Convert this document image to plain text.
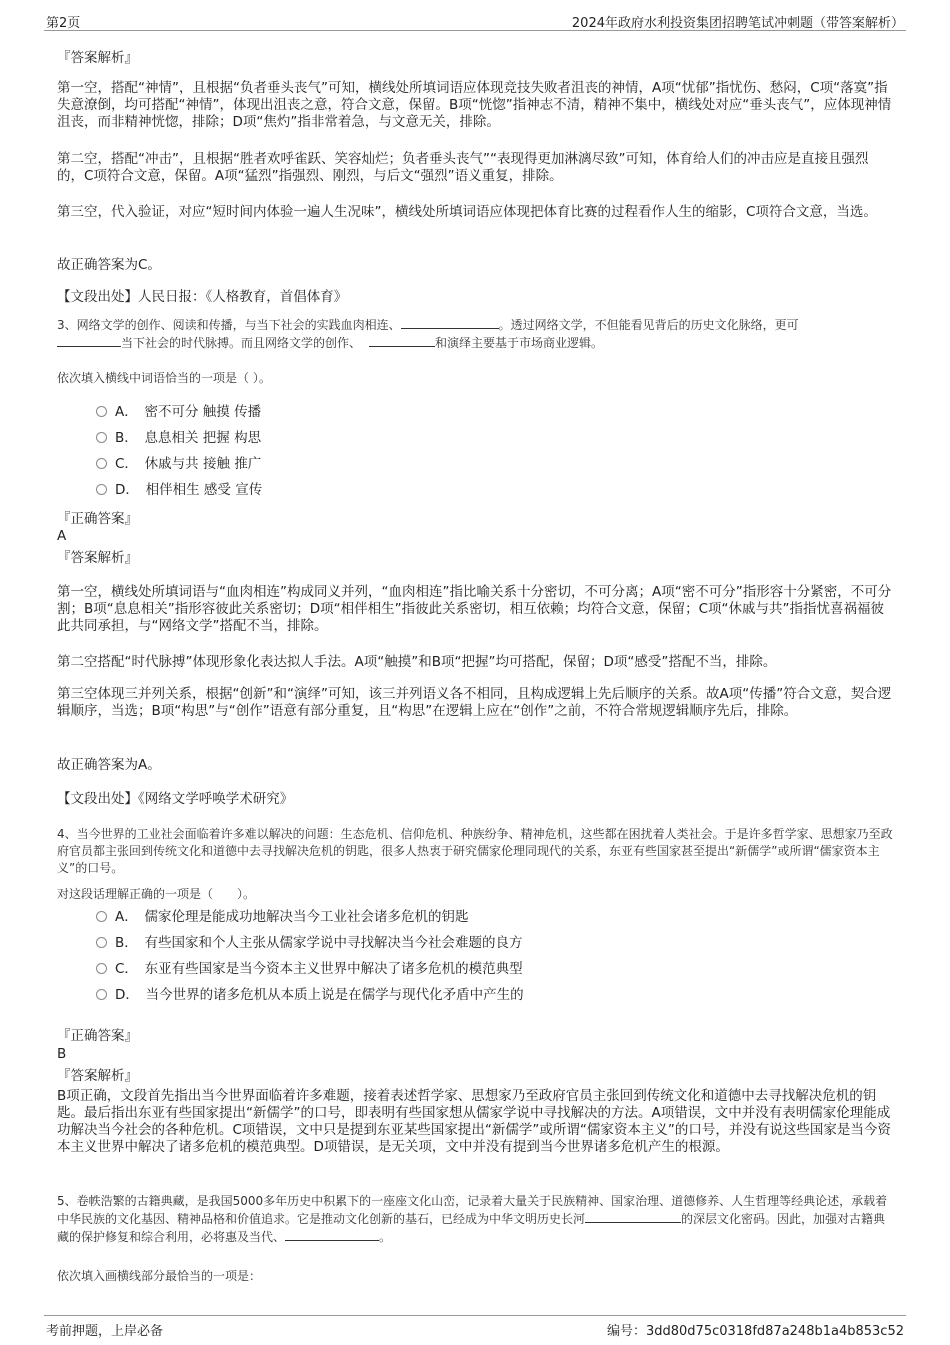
第2页	2024年政府水利投资集团招聘笔试冲刺题（带答案解析）
『答案解析』
第一空，搭配“神情”，且根据“负者垂头丧气”可知，横线处所填词语应体现竞技失败者沮丧的神情，A项“忧郁”指忧伤、愁闷，C项“落寞”指失意潦倒，均可搭配“神情”，体现出沮丧之意，符合文意，保留。B项“恍惚”指神志不清，精神不集中，横线处对应“垂头丧气”，应体现神情沮丧，而非精神恍惚，排除；D项“焦灼”指非常着急，与文意无关，排除。
第二空，搭配“冲击”，且根据“胜者欢呼雀跃、笑容灿烂；负者垂头丧气”“表现得更加淋漓尽致”可知，体育给人们的冲击应是直接且强烈的，C项符合文意，保留。A项“猛烈”指强烈、刚烈，与后文“强烈”语义重复，排除。
第三空，代入验证，对应“短时间内体验一遍人生况味”，横线处所填词语应体现把体育比赛的过程看作人生的缩影，C项符合文意，当选。
故正确答案为C。
【文段出处】人民日报：《人格教育，首倡体育》
3、网络文学的创作、阅读和传播，与当下社会的实践血肉相连、	。透过网络文学，不但能看见背后的历史文化脉络，更可
当下社会的时代脉搏。而且网络文学的创作、	和演绎主要基于市场商业逻辑。
依次填入横线中词语恰当的一项是（ ）。
A．　密不可分 触摸 传播
B．　息息相关 把握 构思
C．　休戚与共 接触 推广
D．　相伴相生 感受 宣传
『正确答案』
A
『答案解析』
第一空，横线处所填词语与“血肉相连”构成同义并列，“血肉相连”指比喻关系十分密切，不可分离；A项“密不可分”指形容十分紧密，不可分割；B项“息息相关”指形容彼此关系密切；D项“相伴相生”指彼此关系密切，相互依赖；均符合文意，保留；C项“休戚与共”指指忧喜祸福彼此共同承担，与“网络文学”搭配不当，排除。
第二空搭配“时代脉搏”体现形象化表达拟人手法。A项“触摸”和B项“把握”均可搭配，保留；D项“感受”搭配不当，排除。
第三空体现三并列关系，根据“创新”和“演绎”可知，该三并列语义各不相同，且构成逻辑上先后顺序的关系。故A项“传播”符合文意，契合逻辑顺序，当选；B项“构思”与“创作”语意有部分重复，且“构思”在逻辑上应在“创作”之前，不符合常规逻辑顺序先后，排除。
故正确答案为A。
【文段出处】《网络文学呼唤学术研究》
4、当今世界的工业社会面临着许多难以解决的问题：生态危机、信仰危机、种族纷争、精神危机，这些都在困扰着人类社会。于是许多哲学家、思想家乃至政府官员都主张回到传统文化和道德中去寻找解决危机的钥匙，很多人热衷于研究儒家伦理同现代的关系，东亚有些国家甚至提出“新儒学”或所谓“儒家资本主义”的口号。
对这段话理解正确的一项是（　　）。
A．　儒家伦理是能成功地解决当今工业社会诸多危机的钥匙
B．　有些国家和个人主张从儒家学说中寻找解决当今社会难题的良方
C．　东亚有些国家是当今资本主义世界中解决了诸多危机的模范典型
D．　当今世界的诸多危机从本质上说是在儒学与现代化矛盾中产生的
『正确答案』
B
『答案解析』
B项正确，文段首先指出当今世界面临着许多难题，接着表述哲学家、思想家乃至政府官员主张回到传统文化和道德中去寻找解决危机的钥匙。最后指出东亚有些国家提出“新儒学”的口号，即表明有些国家想从儒家学说中寻找解决的方法。A项错误，文中并没有表明儒家伦理能成功解决当今社会的各种危机。C项错误，文中只是提到东亚某些国家提出“新儒学”或所谓“儒家资本主义”的口号，并没有说这些国家是当今资本主义世界中解决了诸多危机的模范典型。D项错误，是无关项，文中并没有提到当今世界诸多危机产生的根源。
5、卷帙浩繁的古籍典藏，是我国5000多年历史中积累下的一座座文化山峦，记录着大量关于民族精神、国家治理、道德修养、人生哲理等经典论述，承载着中华民族的文化基因、精神品格和价值追求。它是推动文化创新的基石，已经成为中华文明历史长河	的深层文化密码。因此，加强对古籍典藏的保护修复和综合利用，必将惠及当代、	。
依次填入画横线部分最恰当的一项是：
考前押题，上岸必备	编号：3dd80d75c0318fd87a248b1a4b853c52
